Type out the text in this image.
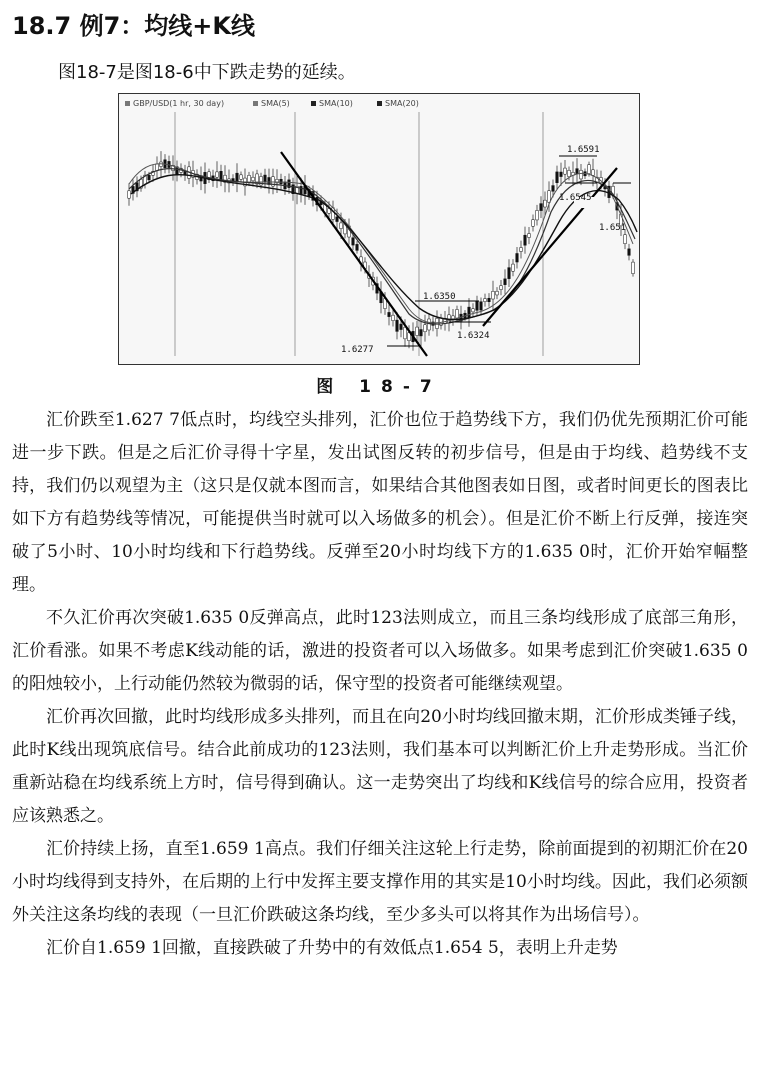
18.7 例7：均线+K线

图18-7是图18-6中下跌走势的延续。

GBP/USD(1 hr, 30 day)	SMA(5)	SMA(10)	SMA(20)
1.6277
1.6350
1.6324
1.6591
1.6545
1.651
图 18-7

汇价跌至1.627 7低点时，均线空头排列，汇价也位于趋势线下方，我们仍优先预期汇价可能进一步下跌。但是之后汇价寻得十字星，发出试图反转的初步信号，但是由于均线、趋势线不支持，我们仍以观望为主（这只是仅就本图而言，如果结合其他图表如日图，或者时间更长的图表比如下方有趋势线等情况，可能提供当时就可以入场做多的机会）。但是汇价不断上行反弹，接连突破了5小时、10小时均线和下行趋势线。反弹至20小时均线下方的1.635 0时，汇价开始窄幅整理。

不久汇价再次突破1.635 0反弹高点，此时123法则成立，而且三条均线形成了底部三角形，汇价看涨。如果不考虑K线动能的话，激进的投资者可以入场做多。如果考虑到汇价突破1.635 0的阳烛较小，上行动能仍然较为微弱的话，保守型的投资者可能继续观望。

汇价再次回撤，此时均线形成多头排列，而且在向20小时均线回撤末期，汇价形成类锤子线，此时K线出现筑底信号。结合此前成功的123法则，我们基本可以判断汇价上升走势形成。当汇价重新站稳在均线系统上方时，信号得到确认。这一走势突出了均线和K线信号的综合应用，投资者应该熟悉之。

汇价持续上扬，直至1.659 1高点。我们仔细关注这轮上行走势，除前面提到的初期汇价在20小时均线得到支持外，在后期的上行中发挥主要支撑作用的其实是10小时均线。因此，我们必须额外关注这条均线的表现（一旦汇价跌破这条均线，至少多头可以将其作为出场信号）。

汇价自1.659 1回撤，直接跌破了升势中的有效低点1.654 5，表明上升走势
